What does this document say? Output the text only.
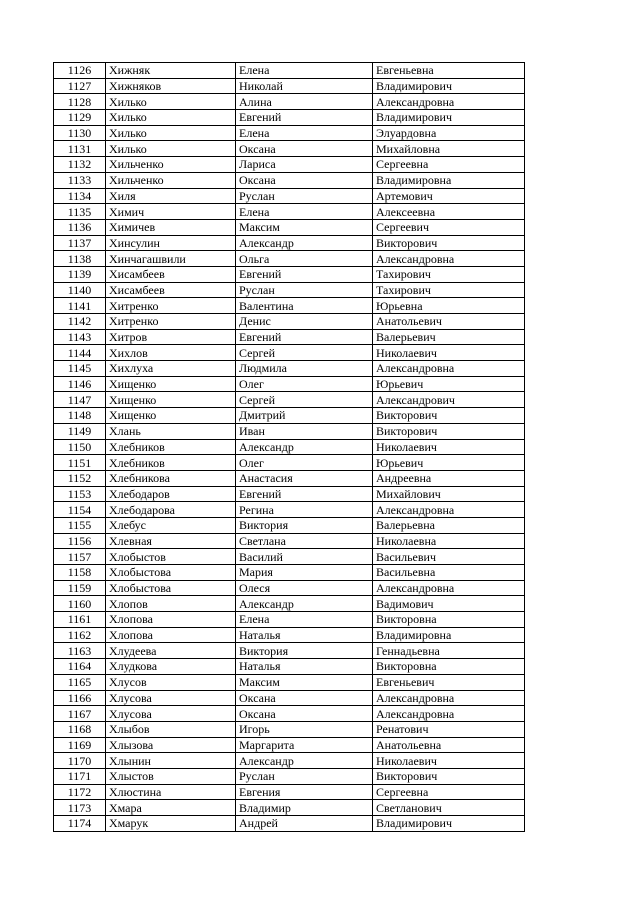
1126	Хижняк	Елена	Евгеньевна
1127	Хижняков	Николай	Владимирович
1128	Хилько	Алина	Александровна
1129	Хилько	Евгений	Владимирович
1130	Хилько	Елена	Элуардовна
1131	Хилько	Оксана	Михайловна
1132	Хильченко	Лариса	Сергеевна
1133	Хильченко	Оксана	Владимировна
1134	Хиля	Руслан	Артемович
1135	Химич	Елена	Алексеевна
1136	Химичев	Максим	Сергеевич
1137	Хинсулин	Александр	Викторович
1138	Хинчагашвили	Ольга	Александровна
1139	Хисамбеев	Евгений	Тахирович
1140	Хисамбеев	Руслан	Тахирович
1141	Хитренко	Валентина	Юрьевна
1142	Хитренко	Денис	Анатольевич
1143	Хитров	Евгений	Валерьевич
1144	Хихлов	Сергей	Николаевич
1145	Хихлуха	Людмила	Александровна
1146	Хищенко	Олег	Юрьевич
1147	Хищенко	Сергей	Александрович
1148	Хищенко	Дмитрий	Викторович
1149	Хлань	Иван	Викторович
1150	Хлебников	Александр	Николаевич
1151	Хлебников	Олег	Юрьевич
1152	Хлебникова	Анастасия	Андреевна
1153	Хлебодаров	Евгений	Михайлович
1154	Хлебодарова	Регина	Александровна
1155	Хлебус	Виктория	Валерьевна
1156	Хлевная	Светлана	Николаевна
1157	Хлобыстов	Василий	Васильевич
1158	Хлобыстова	Мария	Васильевна
1159	Хлобыстова	Олеся	Александровна
1160	Хлопов	Александр	Вадимович
1161	Хлопова	Елена	Викторовна
1162	Хлопова	Наталья	Владимировна
1163	Хлудеева	Виктория	Геннадьевна
1164	Хлудкова	Наталья	Викторовна
1165	Хлусов	Максим	Евгеньевич
1166	Хлусова	Оксана	Александровна
1167	Хлусова	Оксана	Александровна
1168	Хлыбов	Игорь	Ренатович
1169	Хлызова	Маргарита	Анатольевна
1170	Хлынин	Александр	Николаевич
1171	Хлыстов	Руслан	Викторович
1172	Хлюстина	Евгения	Сергеевна
1173	Хмара	Владимир	Светланович
1174	Хмарук	Андрей	Владимирович
